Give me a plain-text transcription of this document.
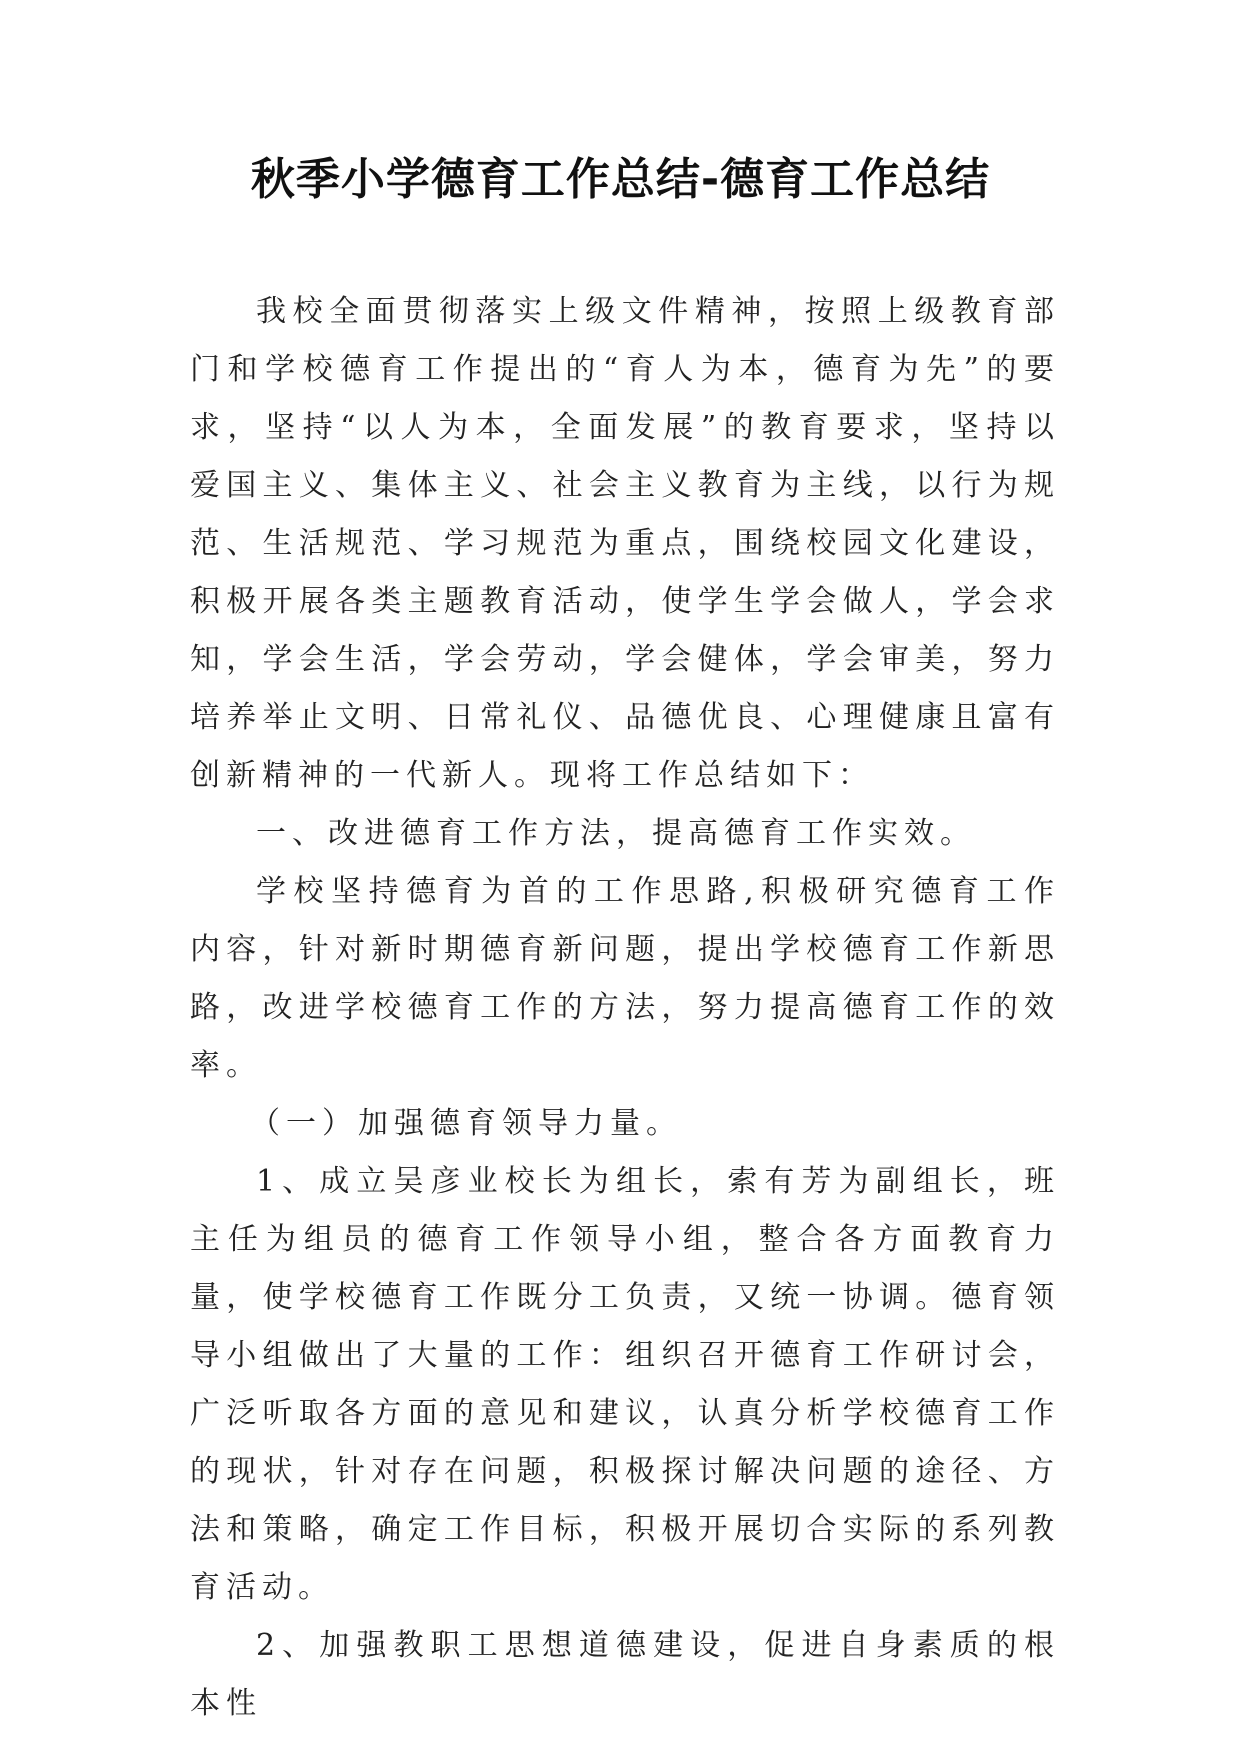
秋季小学德育工作总结-德育工作总结

我校全面贯彻落实上级文件精神，按照上级教育部门和学校德育工作提出的“育人为本，德育为先”的要求，坚持“以人为本，全面发展”的教育要求，坚持以爱国主义、集体主义、社会主义教育为主线，以行为规范、生活规范、学习规范为重点，围绕校园文化建设，积极开展各类主题教育活动，使学生学会做人，学会求知，学会生活，学会劳动，学会健体，学会审美，努力培养举止文明、日常礼仪、品德优良、心理健康且富有创新精神的一代新人。现将工作总结如下：

一、改进德育工作方法，提高德育工作实效。

学校坚持德育为首的工作思路,积极研究德育工作内容，针对新时期德育新问题，提出学校德育工作新思路，改进学校德育工作的方法，努力提高德育工作的效率。

（一）加强德育领导力量。

1、成立吴彦业校长为组长，索有芳为副组长，班主任为组员的德育工作领导小组，整合各方面教育力量，使学校德育工作既分工负责，又统一协调。德育领导小组做出了大量的工作：组织召开德育工作研讨会，广泛听取各方面的意见和建议，认真分析学校德育工作的现状，针对存在问题，积极探讨解决问题的途径、方法和策略，确定工作目标，积极开展切合实际的系列教育活动。

2、加强教职工思想道德建设，促进自身素质的根本性
